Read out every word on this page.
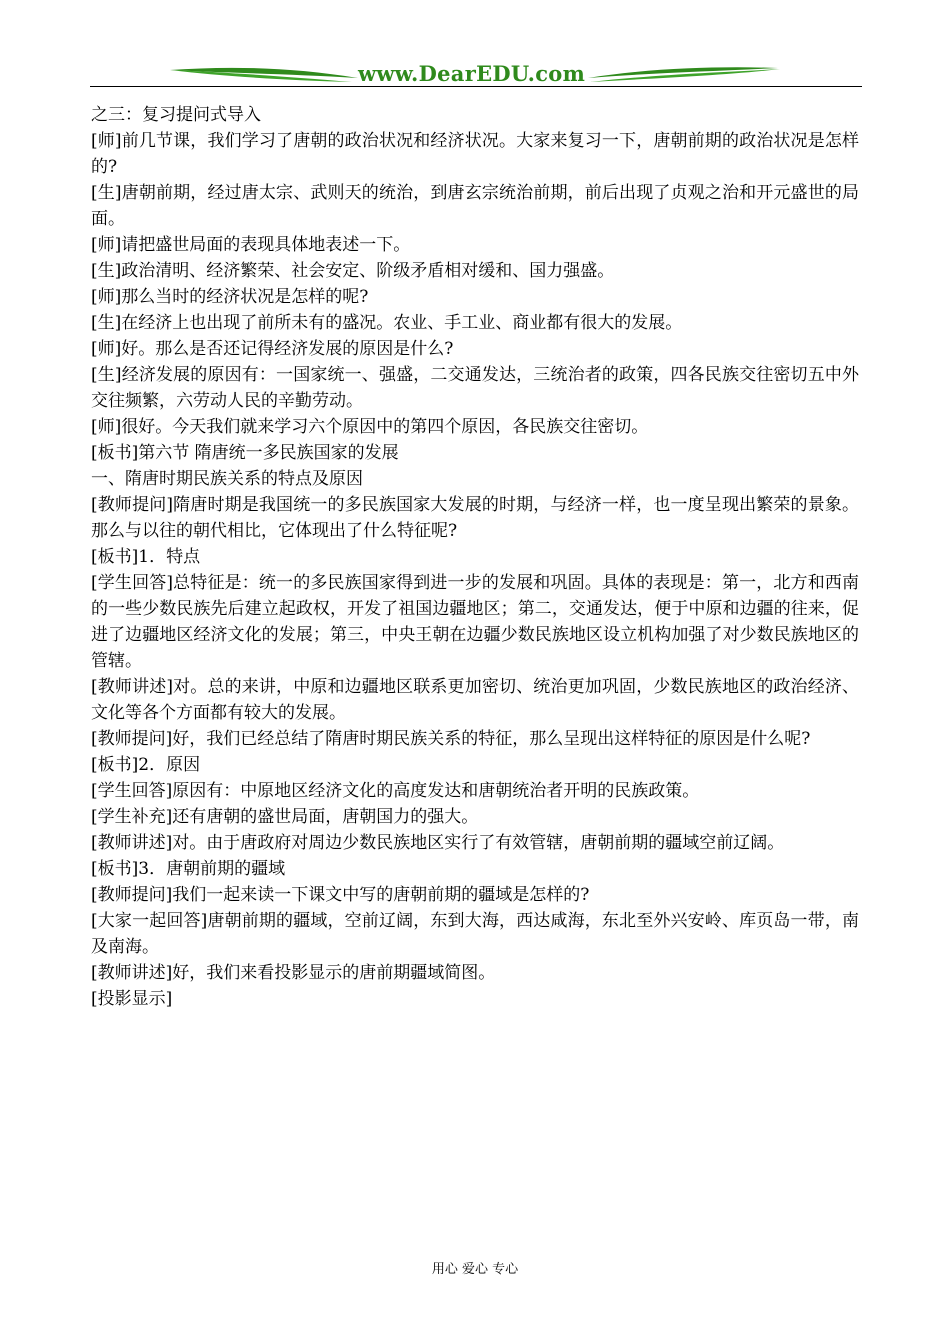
www.DearEDU.com

之三：复习提问式导入

[师]前几节课，我们学习了唐朝的政治状况和经济状况。大家来复习一下，唐朝前期的政治状况是怎样的?

[生]唐朝前期，经过唐太宗、武则天的统治，到唐玄宗统治前期，前后出现了贞观之治和开元盛世的局面。

[师]请把盛世局面的表现具体地表述一下。

[生]政治清明、经济繁荣、社会安定、阶级矛盾相对缓和、国力强盛。

[师]那么当时的经济状况是怎样的呢?

[生]在经济上也出现了前所未有的盛况。农业、手工业、商业都有很大的发展。

[师]好。那么是否还记得经济发展的原因是什么?

[生]经济发展的原因有：一国家统一、强盛，二交通发达，三统治者的政策，四各民族交往密切五中外交往频繁，六劳动人民的辛勤劳动。

[师]很好。今天我们就来学习六个原因中的第四个原因，各民族交往密切。

[板书]第六节 隋唐统一多民族国家的发展

一、隋唐时期民族关系的特点及原因

[教师提问]隋唐时期是我国统一的多民族国家大发展的时期，与经济一样，也一度呈现出繁荣的景象。那么与以往的朝代相比，它体现出了什么特征呢?

[板书]1．特点

[学生回答]总特征是：统一的多民族国家得到进一步的发展和巩固。具体的表现是：第一，北方和西南的一些少数民族先后建立起政权，开发了祖国边疆地区；第二，交通发达，便于中原和边疆的往来，促进了边疆地区经济文化的发展；第三，中央王朝在边疆少数民族地区设立机构加强了对少数民族地区的管辖。

[教师讲述]对。总的来讲，中原和边疆地区联系更加密切、统治更加巩固，少数民族地区的政治经济、文化等各个方面都有较大的发展。

[教师提问]好，我们已经总结了隋唐时期民族关系的特征，那么呈现出这样特征的原因是什么呢?

[板书]2．原因

[学生回答]原因有：中原地区经济文化的高度发达和唐朝统治者开明的民族政策。

[学生补充]还有唐朝的盛世局面，唐朝国力的强大。

[教师讲述]对。由于唐政府对周边少数民族地区实行了有效管辖，唐朝前期的疆域空前辽阔。

[板书]3．唐朝前期的疆域

[教师提问]我们一起来读一下课文中写的唐朝前期的疆域是怎样的?

[大家一起回答]唐朝前期的疆域，空前辽阔，东到大海，西达咸海，东北至外兴安岭、库页岛一带，南及南海。

[教师讲述]好，我们来看投影显示的唐前期疆域简图。

[投影显示]

用心 爱心 专心
